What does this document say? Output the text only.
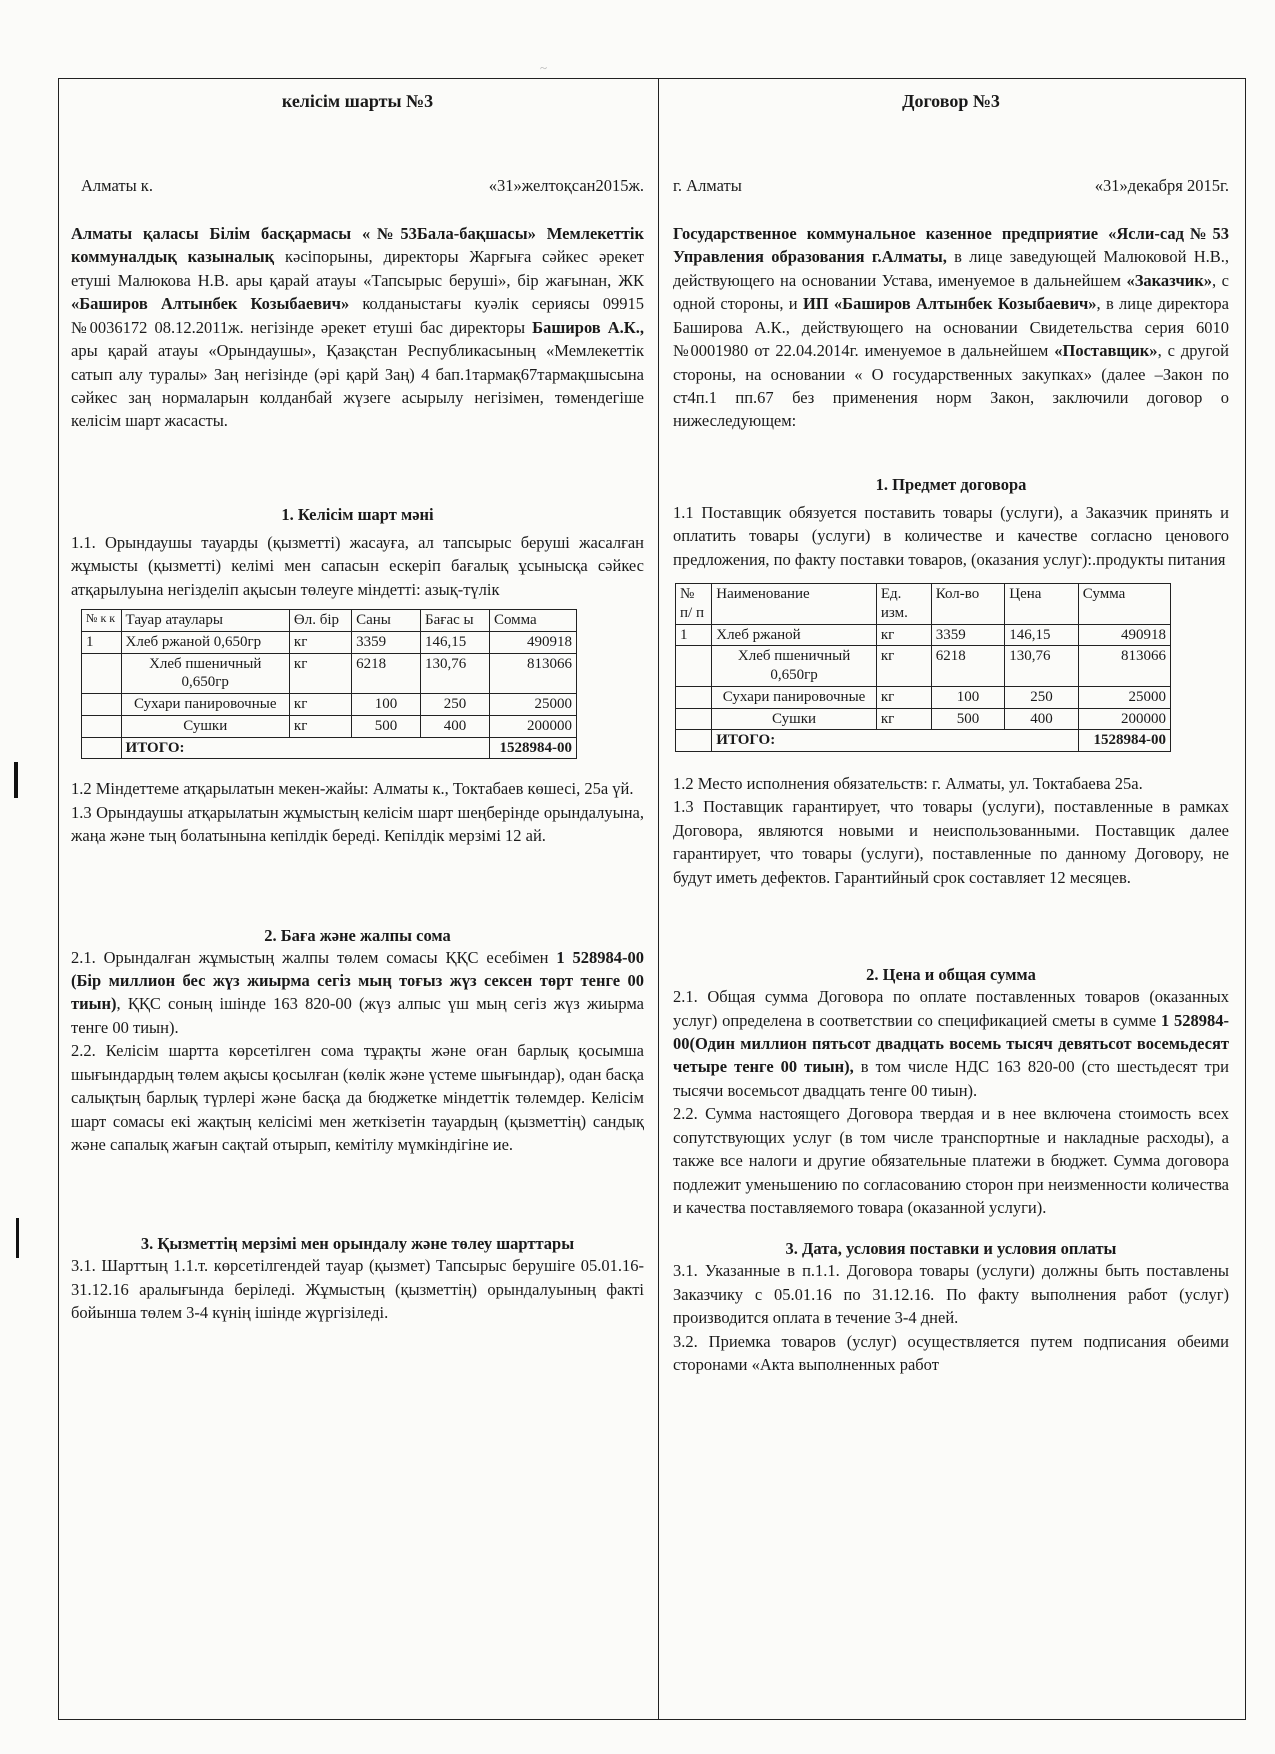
~
келісім шарты №3
Алматы к.	«31»желтоқсан2015ж.

Алматы қаласы Білім басқармасы «№53Бала-бақшасы» Мемлекеттік коммуналдық казыналық кәсіпорыны, директоры Жарғыға сәйкес әрекет етуші Малюкова Н.В. ары қарай атауы «Тапсырыс беруші», бір жағынан, ЖК «Баширов Алтынбек Козыбаевич» колданыстағы куәлік сериясы 09915 №0036172 08.12.2011ж. негізінде әрекет етуші бас директоры Баширов А.К., ары қарай атауы «Орындаушы», Қазақстан Республикасының «Мемлекеттік сатып алу туралы» Заң негізінде (әрі қарй Заң) 4 бап.1тармақ67тармақшысына сәйкес заң нормаларын колданбай жүзеге асырылу негізімен, төмендегіше келісім шарт жасасты.

1. Келісім шарт мәні

1.1. Орындаушы тауарды (қызметті) жасауға, ал тапсырыс беруші жасалған жұмысты (қызметті) келімі мен сапасын ескеріп бағалық ұсынысқа сәйкес атқарылуына негізделіп ақысын төлеуге міндетті: азық-түлік

№ к к	Тауар атаулары	Өл. бір	Саны	Бағас ы	Сомма
1	Хлеб ржаной 0,650гр	кг	3359	146,15	490918
	Хлеб пшеничный 0,650гр	кг	6218	130,76	813066
	Сухари панировочные	кг	100	250	25000
	Сушки	кг	500	400	200000
	ИТОГО:				1528984-00

1.2 Міндеттеме атқарылатын мекен-жайы: Алматы к., Токтабаев көшесі, 25а үй.

1.3 Орындаушы атқарылатын жұмыстың келісім шарт шеңберінде орындалуына, жаңа және тың болатынына кепілдік береді. Кепілдік мерзімі 12 ай.

2. Баға және жалпы сома

2.1. Орындалған жұмыстың жалпы төлем сомасы ҚҚС есебімен 1 528984-00 (Бір миллион бес жүз жиырма сегіз мың тоғыз жүз сексен төрт тенге 00 тиын), ҚҚС соның ішінде 163 820-00 (жүз алпыс үш мың сегіз жүз жиырма тенге 00 тиын).

2.2. Келісім шартта көрсетілген сома тұрақты және оған барлық қосымша шығындардың төлем ақысы қосылған (көлік және үстеме шығындар), одан басқа салықтың барлық түрлері және басқа да бюджетке міндеттік төлемдер. Келісім шарт сомасы екі жақтың келісімі мен жеткізетін тауардың (қызметтің) сандық және сапалық жағын сақтай отырып, кемітілу мүмкіндігіне ие.

3. Қызметтің мерзімі мен орындалу және төлеу шарттары

3.1. Шарттың 1.1.т. көрсетілгендей тауар (қызмет) Тапсырыс берушіге 05.01.16-31.12.16 аралығында беріледі. Жұмыстың (қызметтің) орындалуының факті бойынша төлем 3-4 күнің ішінде жүргізіледі.

Договор №3
г. Алматы	«31»декабря 2015г.

Государственное коммунальное казенное предприятие «Ясли-сад№53 Управления образования г.Алматы, в лице заведующей Малюковой Н.В., действующего на основании Устава, именуемое в дальнейшем «Заказчик», с одной стороны, и ИП «Баширов Алтынбек Козыбаевич», в лице директора Баширова А.К., действующего на основании Свидетельства серия 6010 №0001980 от 22.04.2014г. именуемое в дальнейшем «Поставщик», с другой стороны, на основании « О государственных закупках» (далее –Закон по ст4п.1 пп.67 без применения норм Закон, заключили договор о нижеследующем:

1. Предмет договора

1.1 Поставщик обязуется поставить товары (услуги), а Заказчик принять и оплатить товары (услуги) в количестве и качестве согласно ценового предложения, по факту поставки товаров, (оказания услуг):.продукты питания

№ п/ п	Наименование	Ед. изм.	Кол-во	Цена	Сумма
1	Хлеб ржаной	кг	3359	146,15	490918
	Хлеб пшеничный 0,650гр	кг	6218	130,76	813066
	Сухари панировочные	кг	100	250	25000
	Сушки	кг	500	400	200000
	ИТОГО:				1528984-00

1.2 Место исполнения обязательств: г. Алматы, ул. Токтабаева 25а.

1.3 Поставщик гарантирует, что товары (услуги), поставленные в рамках Договора, являются новыми и неиспользованными. Поставщик далее гарантирует, что товары (услуги), поставленные по данному Договору, не будут иметь дефектов. Гарантийный срок составляет 12 месяцев.

2. Цена и общая сумма

2.1. Общая сумма Договора по оплате поставленных товаров (оказанных услуг) определена в соответствии со спецификацией сметы в сумме 1 528984-00(Один миллион пятьсот двадцать восемь тысяч девятьсот восемьдесят четыре тенге 00 тиын), в том числе НДС 163 820-00 (сто шестьдесят три тысячи восемьсот двадцать тенге 00 тиын).

2.2. Сумма настоящего Договора твердая и в нее включена стоимость всех сопутствующих услуг (в том числе транспортные и накладные расходы), а также все налоги и другие обязательные платежи в бюджет. Сумма договора подлежит уменьшению по согласованию сторон при неизменности количества и качества поставляемого товара (оказанной услуги).

3. Дата, условия поставки и условия оплаты

3.1. Указанные в п.1.1. Договора товары (услуги) должны быть поставлены Заказчику с 05.01.16 по 31.12.16. По факту выполнения работ (услуг) производится оплата в течение 3-4 дней.

3.2. Приемка товаров (услуг) осуществляется путем подписания обеими сторонами «Акта выполненных работ
